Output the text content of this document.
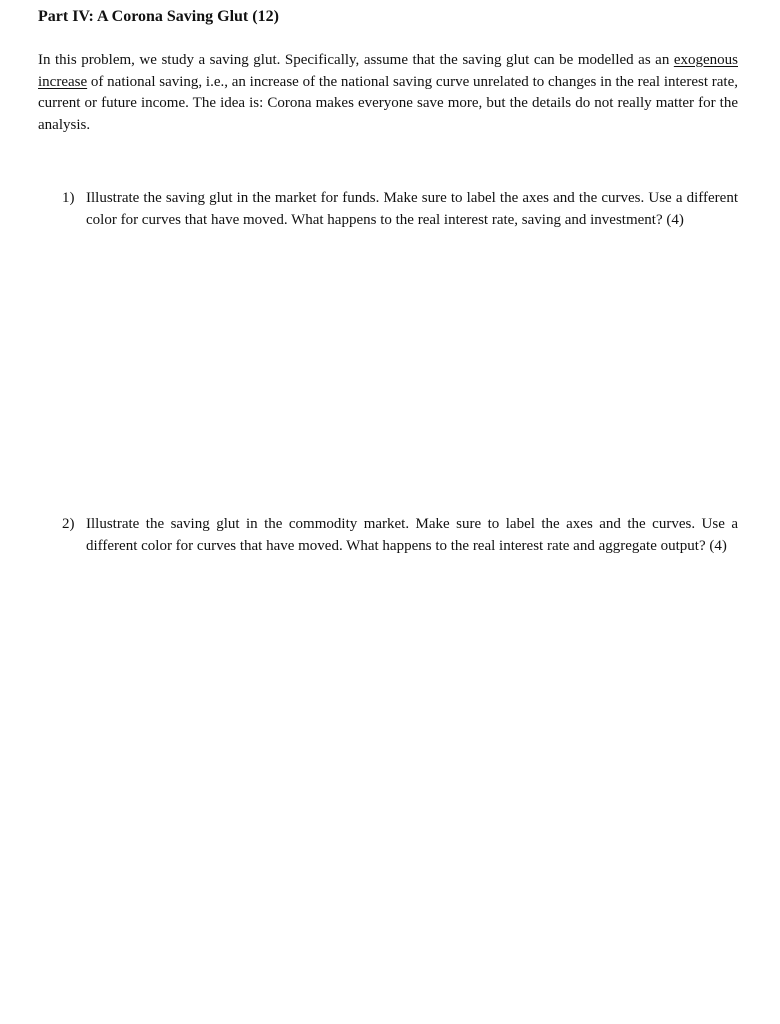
Part IV: A Corona Saving Glut (12)

In this problem, we study a saving glut. Specifically, assume that the saving glut can be modelled as an exogenous increase of national saving, i.e., an increase of the national saving curve unrelated to changes in the real interest rate, current or future income. The idea is: Corona makes everyone save more, but the details do not really matter for the analysis.

1) Illustrate the saving glut in the market for funds. Make sure to label the axes and the curves. Use a different color for curves that have moved. What happens to the real interest rate, saving and investment? (4)
2) Illustrate the saving glut in the commodity market. Make sure to label the axes and the curves. Use a different color for curves that have moved. What happens to the real interest rate and aggregate output? (4)
